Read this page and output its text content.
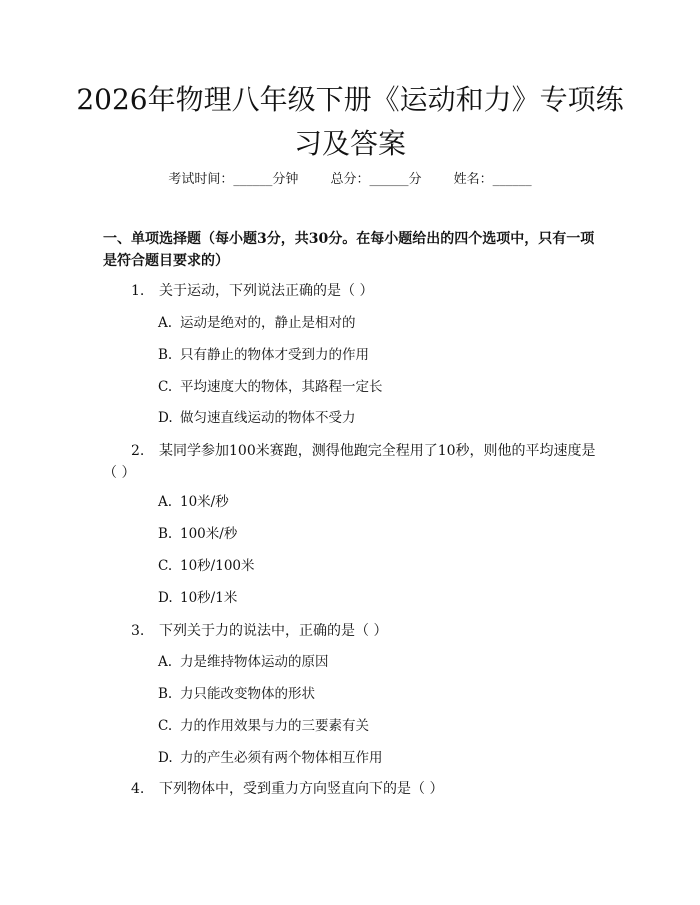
2026年物理八年级下册《运动和力》专项练习及答案
考试时间：______分钟 总分：______分 姓名：______
一、单项选择题（每小题3分，共30分。在每小题给出的四个选项中，只有一项是符合题目要求的）
1. 关于运动，下列说法正确的是（ ）
A. 运动是绝对的，静止是相对的
B. 只有静止的物体才受到力的作用
C. 平均速度大的物体，其路程一定长
D. 做匀速直线运动的物体不受力
2. 某同学参加100米赛跑，测得他跑完全程用了10秒，则他的平均速度是（ ）
A. 10米/秒
B. 100米/秒
C. 10秒/100米
D. 10秒/1米
3. 下列关于力的说法中，正确的是（ ）
A. 力是维持物体运动的原因
B. 力只能改变物体的形状
C. 力的作用效果与力的三要素有关
D. 力的产生必须有两个物体相互作用
4. 下列物体中，受到重力方向竖直向下的是（ ）
